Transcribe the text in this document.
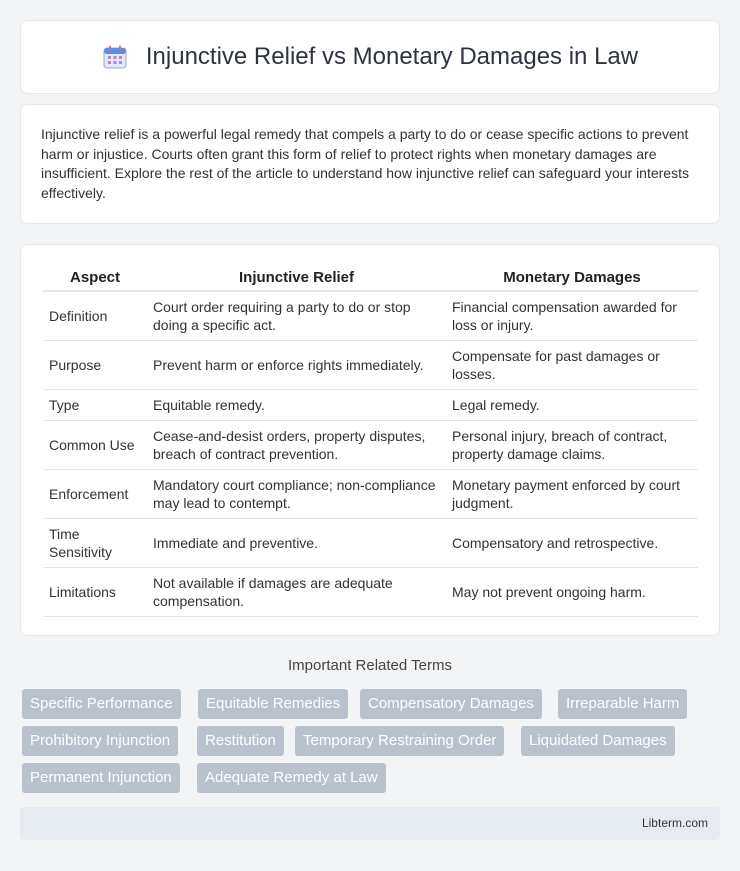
Injunctive Relief vs Monetary Damages in Law

Injunctive relief is a powerful legal remedy that compels a party to do or cease specific actions to prevent harm or injustice. Courts often grant this form of relief to protect rights when monetary damages are insufficient. Explore the rest of the article to understand how injunctive relief can safeguard your interests effectively.

Aspect	Injunctive Relief	Monetary Damages
Definition	Court order requiring a party to do or stop doing a specific act.	Financial compensation awarded for loss or injury.
Purpose	Prevent harm or enforce rights immediately.	Compensate for past damages or losses.
Type	Equitable remedy.	Legal remedy.
Common Use	Cease-and-desist orders, property disputes, breach of contract prevention.	Personal injury, breach of contract, property damage claims.
Enforcement	Mandatory court compliance; non-compliance may lead to contempt.	Monetary payment enforced by court judgment.
Time Sensitivity	Immediate and preventive.	Compensatory and retrospective.
Limitations	Not available if damages are adequate compensation.	May not prevent ongoing harm.
Important Related Terms
Specific Performance	Equitable Remedies	Compensatory Damages	Irreparable Harm
Prohibitory Injunction	Restitution	Temporary Restraining Order	Liquidated Damages
Permanent Injunction	Adequate Remedy at Law
Libterm.com
